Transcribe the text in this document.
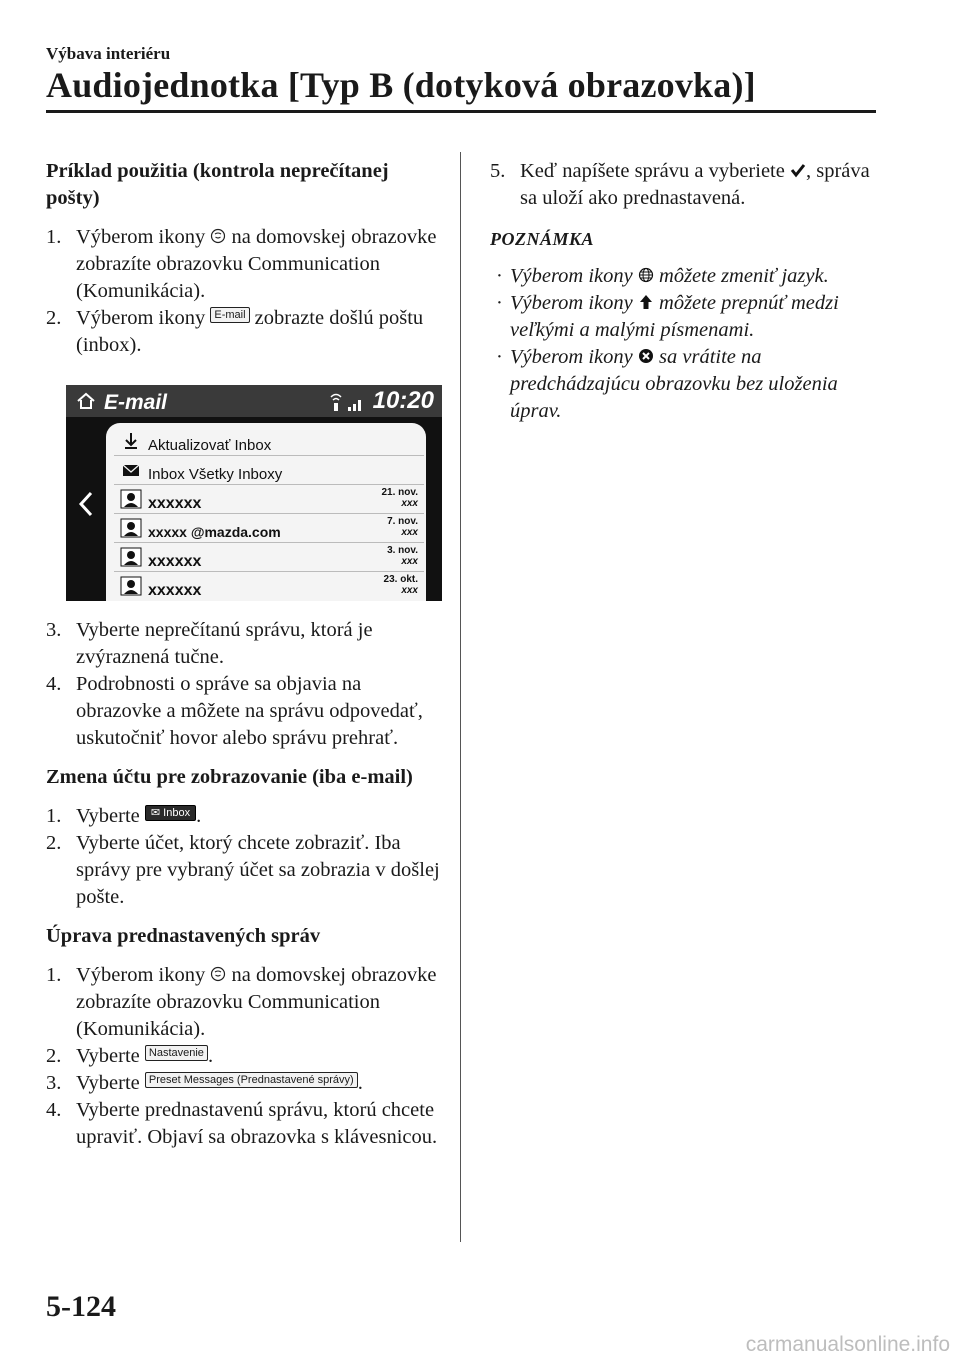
Výbava interiéru
Audiojednotka [Typ B (dotyková obrazovka)]
Príklad použitia (kontrola neprečítanej pošty)
1. Výberom ikony na domovskej obrazovke zobrazíte obrazovku Communication (Komunikácia).
2. Výberom ikony E-mail zobrazte došlú poštu (inbox).
E-mail	10:20
Aktualizovať Inbox
Inbox Všetky Inboxy
xxxxxx
21. nov.
xxx
xxxxx @mazda.com
7. nov.
xxx
xxxxxx
3. nov.
xxx
xxxxxx
23. okt.
xxx
3. Vyberte neprečítanú správu, ktorá je zvýraznená tučne.
4. Podrobnosti o správe sa objavia na obrazovke a môžete na správu odpovedať, uskutočniť hovor alebo správu prehrať.
Zmena účtu pre zobrazovanie (iba e-mail)
1. Vyberte ✉ Inbox .
2. Vyberte účet, ktorý chcete zobraziť. Iba správy pre vybraný účet sa zobrazia v došlej pošte.
Úprava prednastavených správ
1. Výberom ikony na domovskej obrazovke zobrazíte obrazovku Communication (Komunikácia).
2. Vyberte Nastavenie .
3. Vyberte Preset Messages (Prednastavené správy) .
4. Vyberte prednastavenú správu, ktorú chcete upraviť. Objaví sa obrazovka s klávesnicou.
5. Keď napíšete správu a vyberiete , správa sa uloží ako prednastavená.
POZNÁMKA
· Výberom ikony môžete zmeniť jazyk.
· Výberom ikony môžete prepnúť medzi veľkými a malými písmenami.
· Výberom ikony sa vrátite na predchádzajúcu obrazovku bez uloženia úprav.
5-124
carmanualsonline.info
